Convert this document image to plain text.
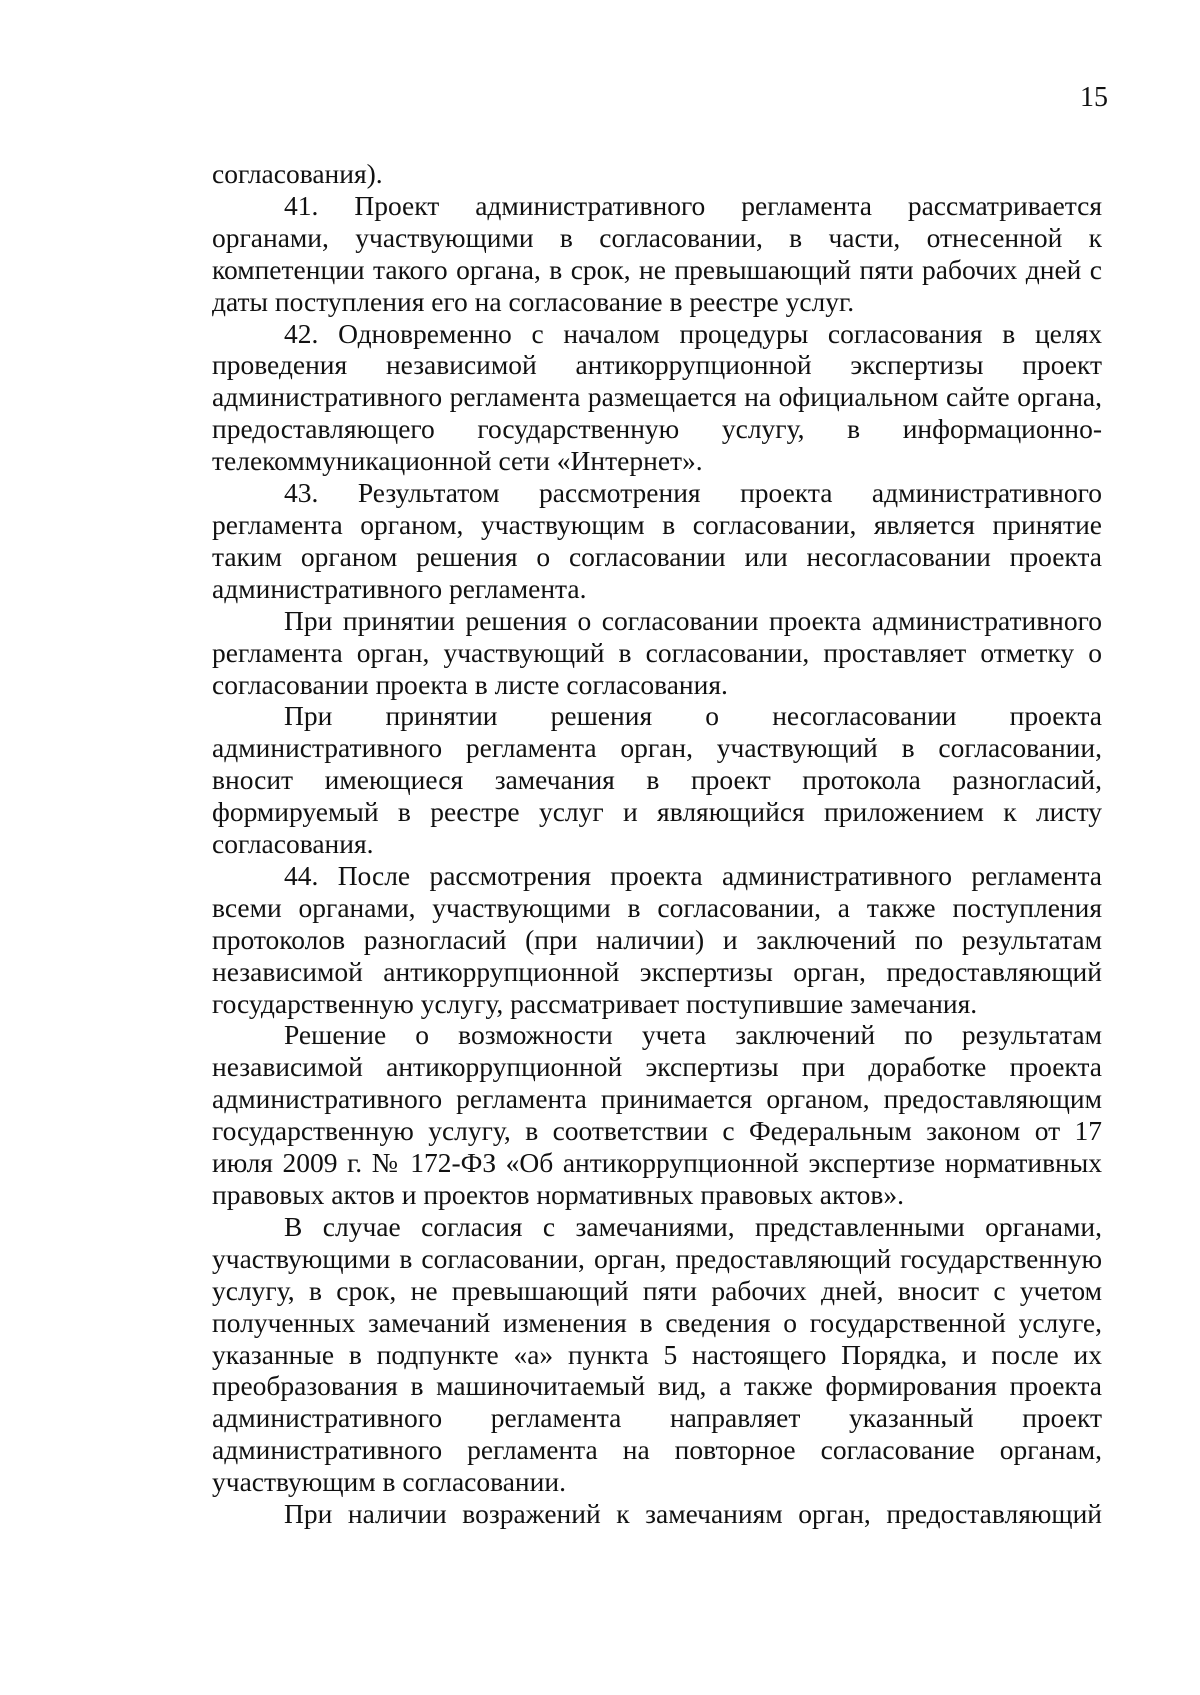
15

согласования).

41. Проект административного регламента рассматривается органами, участвующими в согласовании, в части, отнесенной к компетенции такого органа, в срок, не превышающий пяти рабочих дней с даты поступления его на согласование в реестре услуг.

42. Одновременно с началом процедуры согласования в целях проведения независимой антикоррупционной экспертизы проект административного регламента размещается на официальном сайте органа, предоставляющего государственную услугу, в информационно-телекоммуникационной сети «Интернет».

43. Результатом рассмотрения проекта административного регламента органом, участвующим в согласовании, является принятие таким органом решения о согласовании или несогласовании проекта административного регламента.

При принятии решения о согласовании проекта административного регламента орган, участвующий в согласовании, проставляет отметку о согласовании проекта в листе согласования.

При принятии решения о несогласовании проекта административного регламента орган, участвующий в согласовании, вносит имеющиеся замечания в проект протокола разногласий, формируемый в реестре услуг и являющийся приложением к листу согласования.

44. После рассмотрения проекта административного регламента всеми органами, участвующими в согласовании, а также поступления протоколов разногласий (при наличии) и заключений по результатам независимой антикоррупционной экспертизы орган, предоставляющий государственную услугу, рассматривает поступившие замечания.

Решение о возможности учета заключений по результатам независимой антикоррупционной экспертизы при доработке проекта административного регламента принимается органом, предоставляющим государственную услугу, в соответствии с Федеральным законом от 17 июля 2009 г. № 172-ФЗ «Об антикоррупционной экспертизе нормативных правовых актов и проектов нормативных правовых актов».

В случае согласия с замечаниями, представленными органами, участвующими в согласовании, орган, предоставляющий государственную услугу, в срок, не превышающий пяти рабочих дней, вносит с учетом полученных замечаний изменения в сведения о государственной услуге, указанные в подпункте «а» пункта 5 настоящего Порядка, и после их преобразования в машиночитаемый вид, а также формирования проекта административного регламента направляет указанный проект административного регламента на повторное согласование органам, участвующим в согласовании.

При наличии возражений к замечаниям орган, предоставляющий
